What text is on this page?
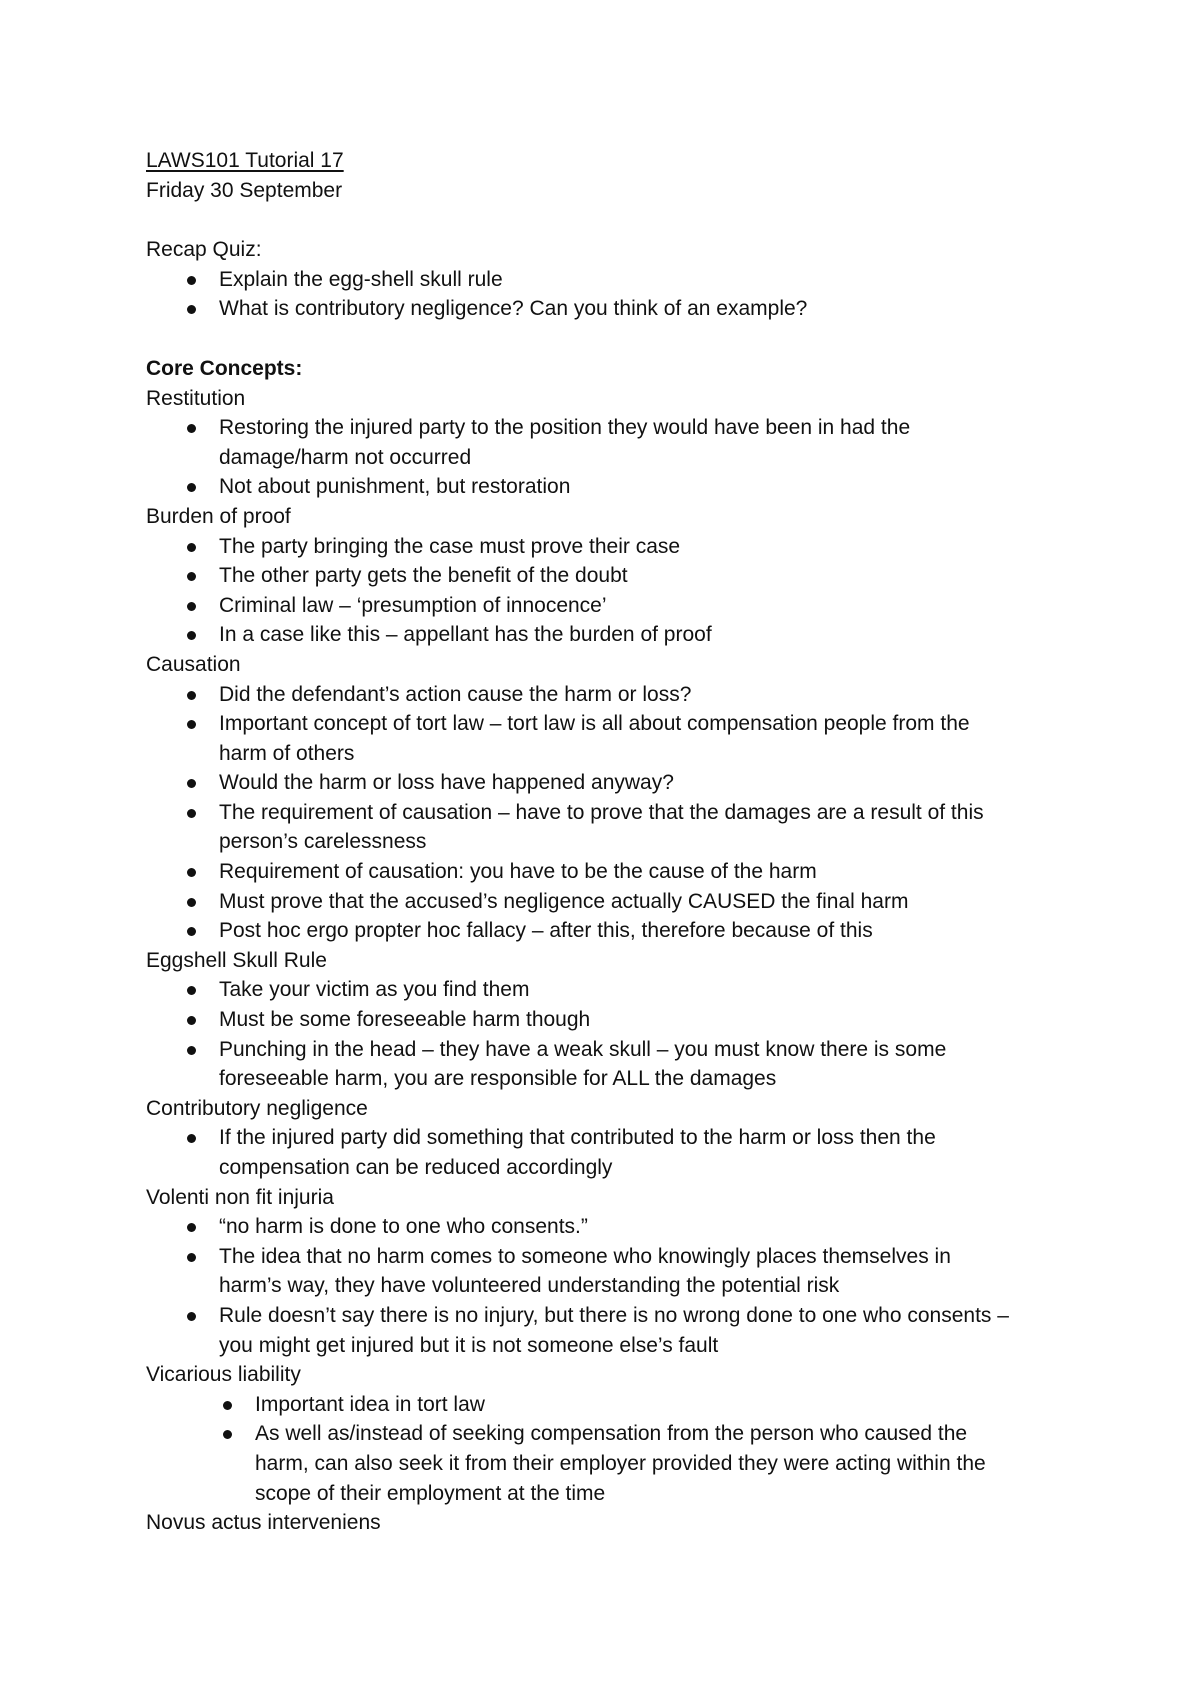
LAWS101 Tutorial 17
Friday 30 September
Recap Quiz:
Explain the egg-shell skull rule
What is contributory negligence? Can you think of an example?
Core Concepts:
Restitution
Restoring the injured party to the position they would have been in had the
damage/harm not occurred
Not about punishment, but restoration
Burden of proof
The party bringing the case must prove their case
The other party gets the benefit of the doubt
Criminal law – ‘presumption of innocence’
In a case like this – appellant has the burden of proof
Causation
Did the defendant’s action cause the harm or loss?
Important concept of tort law – tort law is all about compensation people from the
harm of others
Would the harm or loss have happened anyway?
The requirement of causation – have to prove that the damages are a result of this
person’s carelessness
Requirement of causation: you have to be the cause of the harm
Must prove that the accused’s negligence actually CAUSED the final harm
Post hoc ergo propter hoc fallacy – after this, therefore because of this
Eggshell Skull Rule
Take your victim as you find them
Must be some foreseeable harm though
Punching in the head – they have a weak skull – you must know there is some
foreseeable harm, you are responsible for ALL the damages
Contributory negligence
If the injured party did something that contributed to the harm or loss then the
compensation can be reduced accordingly
Volenti non fit injuria
“no harm is done to one who consents.”
The idea that no harm comes to someone who knowingly places themselves in
harm’s way, they have volunteered understanding the potential risk
Rule doesn’t say there is no injury, but there is no wrong done to one who consents –
you might get injured but it is not someone else’s fault
Vicarious liability
Important idea in tort law
As well as/instead of seeking compensation from the person who caused the
harm, can also seek it from their employer provided they were acting within the
scope of their employment at the time
Novus actus interveniens
